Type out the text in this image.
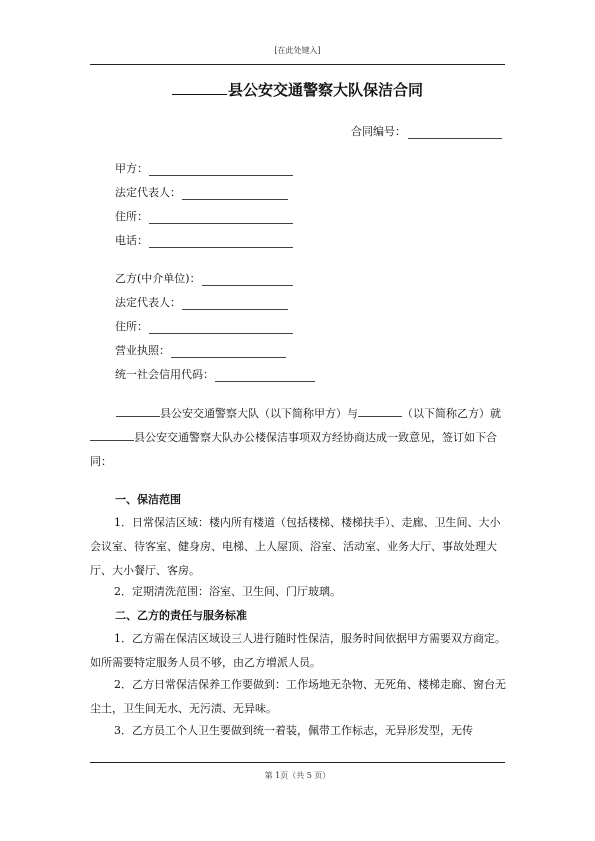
[在此处键入]
县公安交通警察大队保洁合同
合同编号：
甲方：
法定代表人：
住所：
电话：
乙方(中介单位)：
法定代表人：
住所：
营业执照：
统一社会信用代码：
县公安交通警察大队（以下简称甲方）与	（以下简称乙方）就县公安交通警察大队办公楼保洁事项双方经协商达成一致意见，签订如下合同：
一、保洁范围
1．日常保洁区域：楼内所有楼道（包括楼梯、楼梯扶手）、走廊、卫生间、大小会议室、待客室、健身房、电梯、上人屋顶、浴室、活动室、业务大厅、事故处理大厅、大小餐厅、客房。
2．定期清洗范围：浴室、卫生间、门厅玻璃。
二、乙方的责任与服务标准
1．乙方需在保洁区域设三人进行随时性保洁，服务时间依据甲方需要双方商定。如所需要特定服务人员不够，由乙方增派人员。
2．乙方日常保洁保养工作要做到：工作场地无杂物、无死角、楼梯走廊、窗台无尘土，卫生间无水、无污渍、无异味。
3．乙方员工个人卫生要做到统一着装，佩带工作标志，无异形发型，无传
第 1页（共 5 页）
